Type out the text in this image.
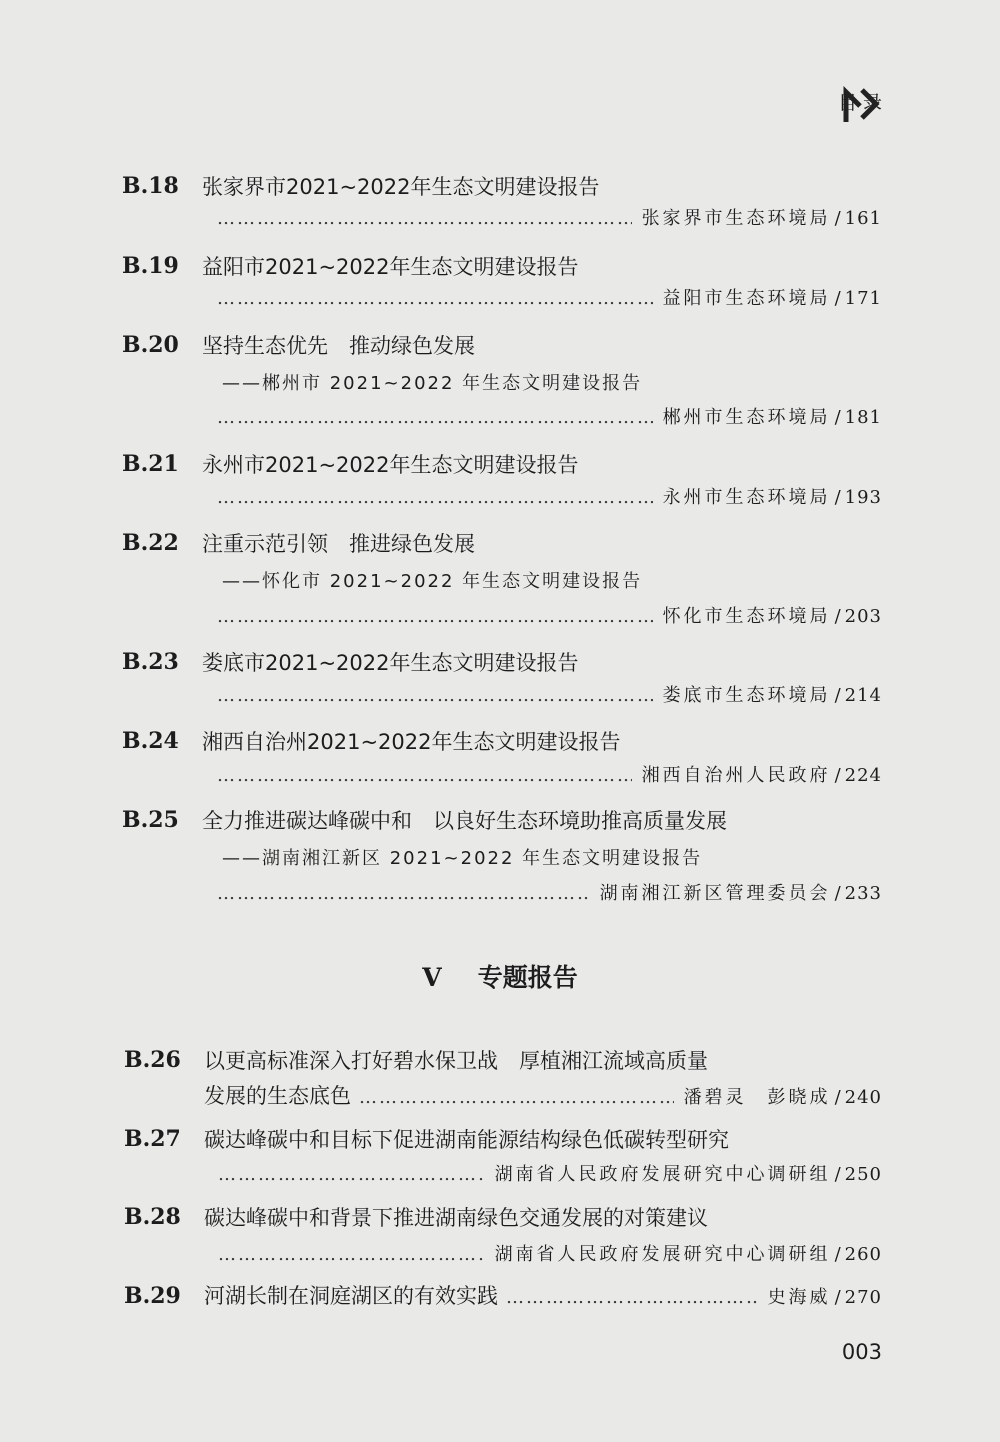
目 录
B.18 张家界市2021~2022年生态文明建设报告
……………………………………………………………………………………………………………………………………
张家界市生态环境局 / 161
B.19 益阳市2021~2022年生态文明建设报告
……………………………………………………………………………………………………………………………………
益阳市生态环境局 / 171
B.20 坚持生态优先　推动绿色发展
——郴州市 2021~2022 年生态文明建设报告
……………………………………………………………………………………………………………………………………
郴州市生态环境局 / 181
B.21 永州市2021~2022年生态文明建设报告
……………………………………………………………………………………………………………………………………
永州市生态环境局 / 193
B.22 注重示范引领　推进绿色发展
——怀化市 2021~2022 年生态文明建设报告
……………………………………………………………………………………………………………………………………
怀化市生态环境局 / 203
B.23 娄底市2021~2022年生态文明建设报告
……………………………………………………………………………………………………………………………………
娄底市生态环境局 / 214
B.24 湘西自治州2021~2022年生态文明建设报告
……………………………………………………………………………………………………………………………………
湘西自治州人民政府 / 224
B.25 全力推进碳达峰碳中和　以良好生态环境助推高质量发展
——湖南湘江新区 2021~2022 年生态文明建设报告
……………………………………………………………………………………………………………………………………
湖南湘江新区管理委员会 / 233
V 专题报告
B.26 以更高标准深入打好碧水保卫战　厚植湘江流域高质量
发展的生态底色 ……………………………………………………………………………………………………………………………………	潘碧灵　彭晓成 / 240
B.27 碳达峰碳中和目标下促进湖南能源结构绿色低碳转型研究
……………………………………………………………………………………………………………………………………
湖南省人民政府发展研究中心调研组 / 250
B.28 碳达峰碳中和背景下推进湖南绿色交通发展的对策建议
……………………………………………………………………………………………………………………………………
湖南省人民政府发展研究中心调研组 / 260
B.29 河湖长制在洞庭湖区的有效实践 ……………………………………………………………………………………………………………………………………	史海威 / 270
003
